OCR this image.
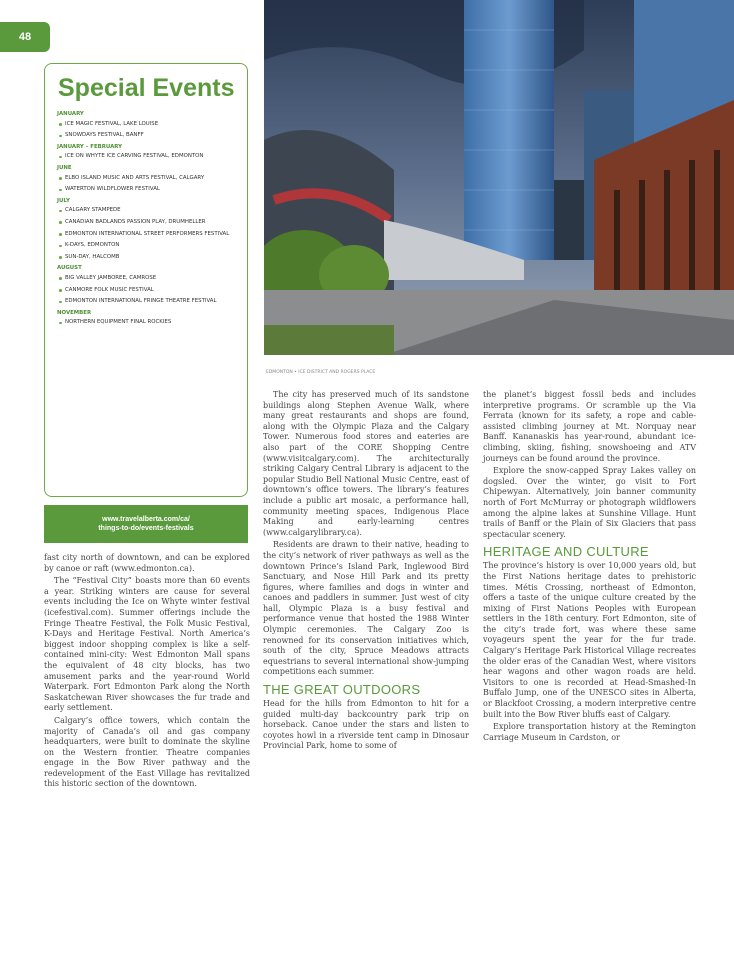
48
Special Events
JANUARY
ICE MAGIC FESTIVAL, LAKE LOUISE
SNOWDAYS FESTIVAL, BANFF
JANUARY – FEBRUARY
ICE ON WHYTE ICE CARVING FESTIVAL, EDMONTON
JUNE
ELBO ISLAND MUSIC AND ARTS FESTIVAL, CALGARY
WATERTON WILDFLOWER FESTIVAL
JULY
CALGARY STAMPEDE
CANADIAN BADLANDS PASSION PLAY, DRUMHELLER
EDMONTON INTERNATIONAL STREET PERFORMERS FESTIVAL
K-DAYS, EDMONTON
SUN-DAY, HALCOMB
AUGUST
BIG VALLEY JAMBOREE, CAMROSE
CANMORE FOLK MUSIC FESTIVAL
EDMONTON INTERNATIONAL FRINGE THEATRE FESTIVAL
NOVEMBER
NORTHERN EQUIPMENT FINAL ROCKIES
www.travelalberta.com/ca/
things-to-do/events-festivals
EDMONTON • ICE DISTRICT AND ROGERS PLACE

fast city north of downtown, and can be explored by canoe or raft (www.edmonton.ca).

The “Festival City” boasts more than 60 events a year. Striking winters are cause for several events including the Ice on Whyte winter festival (icefestival.com). Summer offerings include the Fringe Theatre Festival, the Folk Music Festival, K-Days and Heritage Festival. North America’s biggest indoor shopping complex is like a self-contained mini-city: West Edmonton Mall spans the equivalent of 48 city blocks, has two amusement parks and the year-round World Waterpark. Fort Edmonton Park along the North Saskatchewan River showcases the fur trade and early settlement.

Calgary’s office towers, which contain the majority of Canada’s oil and gas company headquarters, were built to dominate the skyline on the Western frontier. Theatre companies engage in the Bow River pathway and the redevelopment of the East Village has revitalized this historic section of the downtown.

The city has preserved much of its sandstone buildings along Stephen Avenue Walk, where many great restaurants and shops are found, along with the Olympic Plaza and the Calgary Tower. Numerous food stores and eateries are also part of the CORE Shopping Centre (www.visitcalgary.com). The architecturally striking Calgary Central Library is adjacent to the popular Studio Bell National Music Centre, east of downtown’s office towers. The library’s features include a public art mosaic, a performance hall, community meeting spaces, Indigenous Place Making and early-learning centres (www.calgarylibrary.ca).

Residents are drawn to their native, heading to the city’s network of river pathways as well as the downtown Prince’s Island Park, Inglewood Bird Sanctuary, and Nose Hill Park and its pretty figures, where families and dogs in winter and canoes and paddlers in summer. Just west of city hall, Olympic Plaza is a busy festival and performance venue that hosted the 1988 Winter Olympic ceremonies. The Calgary Zoo is renowned for its conservation initiatives which, south of the city, Spruce Meadows attracts equestrians to several international show-jumping competitions each summer.

THE GREAT OUTDOORS

Head for the hills from Edmonton to hit for a guided multi-day backcountry park trip on horseback. Canoe under the stars and listen to coyotes howl in a riverside tent camp in Dinosaur Provincial Park, home to some of

the planet’s biggest fossil beds and includes interpretive programs. Or scramble up the Via Ferrata (known for its safety, a rope and cable-assisted climbing journey at Mt. Norquay near Banff. Kananaskis has year-round, abundant ice-climbing, skiing, fishing, snowshoeing and ATV journeys can be found around the province.

Explore the snow-capped Spray Lakes valley on dogsled. Over the winter, go visit to Fort Chipewyan. Alternatively, join banner community north of Fort McMurray or photograph wildflowers among the alpine lakes at Sunshine Village. Hunt trails of Banff or the Plain of Six Glaciers that pass spectacular scenery.

HERITAGE AND CULTURE

The province’s history is over 10,000 years old, but the First Nations heritage dates to prehistoric times. Métis Crossing, northeast of Edmonton, offers a taste of the unique culture created by the mixing of First Nations Peoples with European settlers in the 18th century. Fort Edmonton, site of the city’s trade fort, was where these same voyageurs spent the year for the fur trade. Calgary’s Heritage Park Historical Village recreates the older eras of the Canadian West, where visitors hear wagons and other wagon roads are held. Visitors to one is recorded at Head-Smashed-In Buffalo Jump, one of the UNESCO sites in Alberta, or Blackfoot Crossing, a modern interpretive centre built into the Bow River bluffs east of Calgary.

Explore transportation history at the Remington Carriage Museum in Cardston, or
